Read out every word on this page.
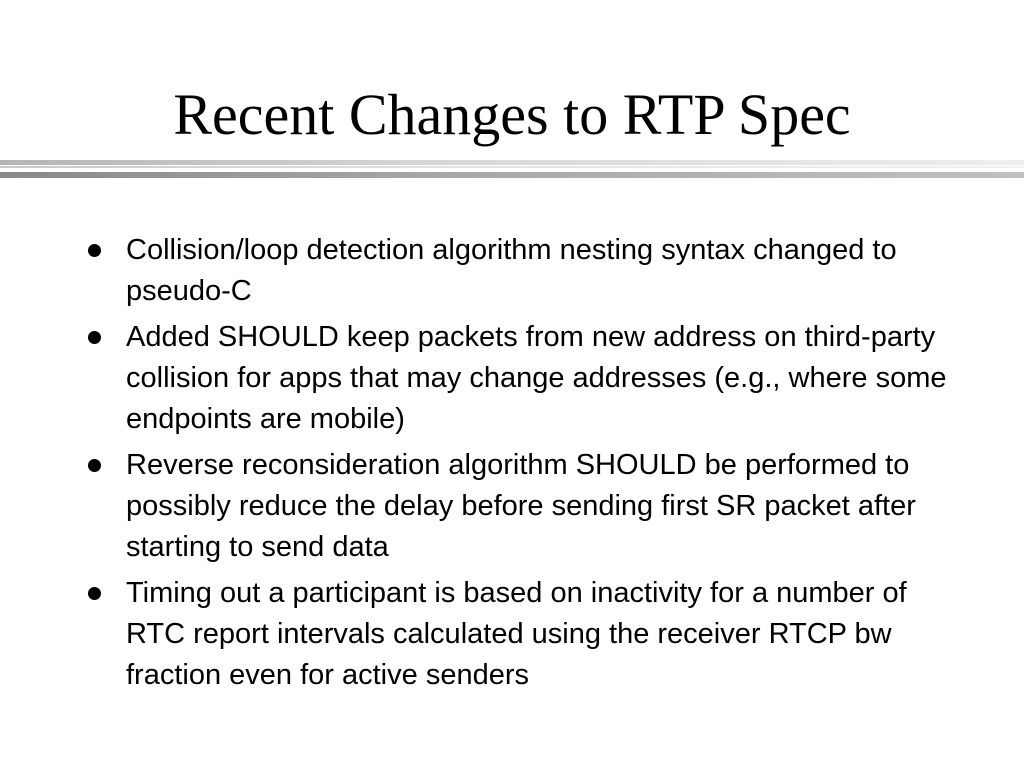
Recent Changes to RTP Spec
Collision/loop detection algorithm nesting syntax changed to pseudo-C
Added SHOULD keep packets from new address on third-party collision for apps that may change addresses (e.g., where some endpoints are mobile)
Reverse reconsideration algorithm SHOULD be performed to possibly reduce the delay before sending first SR packet after starting to send data
Timing out a participant is based on inactivity for a number of RTC report intervals calculated using the receiver RTCP bw fraction even for active senders
